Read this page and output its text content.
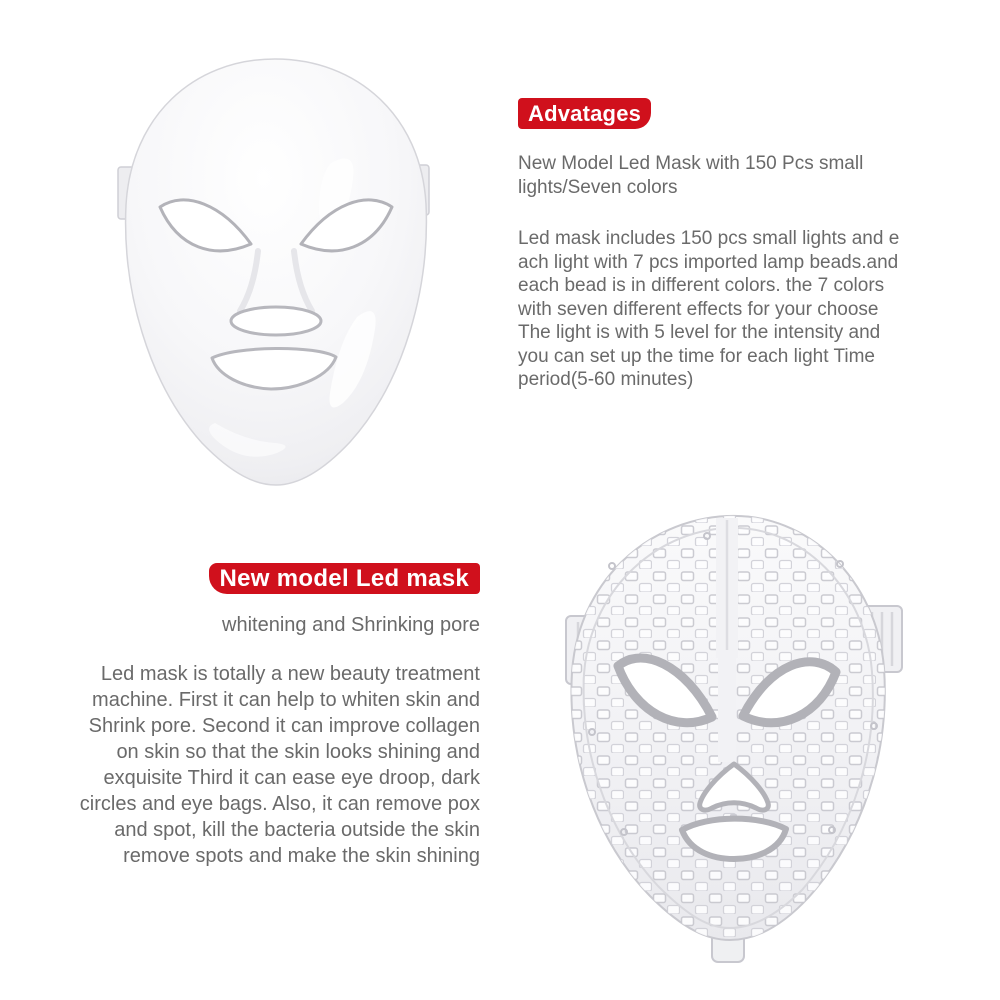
Advatages
New Model Led Mask with 150 Pcs small
lights/Seven colors
Led mask includes 150 pcs small lights and e
ach light with 7 pcs imported lamp beads.and
each bead is in different colors. the 7 colors
with seven different effects for your choose
The light is with 5 level for the intensity and
you can set up the time for each light Time
period(5-60 minutes)
New model Led mask
whitening and Shrinking pore
Led mask is totally a new beauty treatment
machine. First it can help to whiten skin and
Shrink pore. Second it can improve collagen
on skin so that the skin looks shining and
exquisite Third it can ease eye droop, dark
circles and eye bags. Also, it can remove pox
and spot, kill the bacteria outside the skin
remove spots and make the skin shining
